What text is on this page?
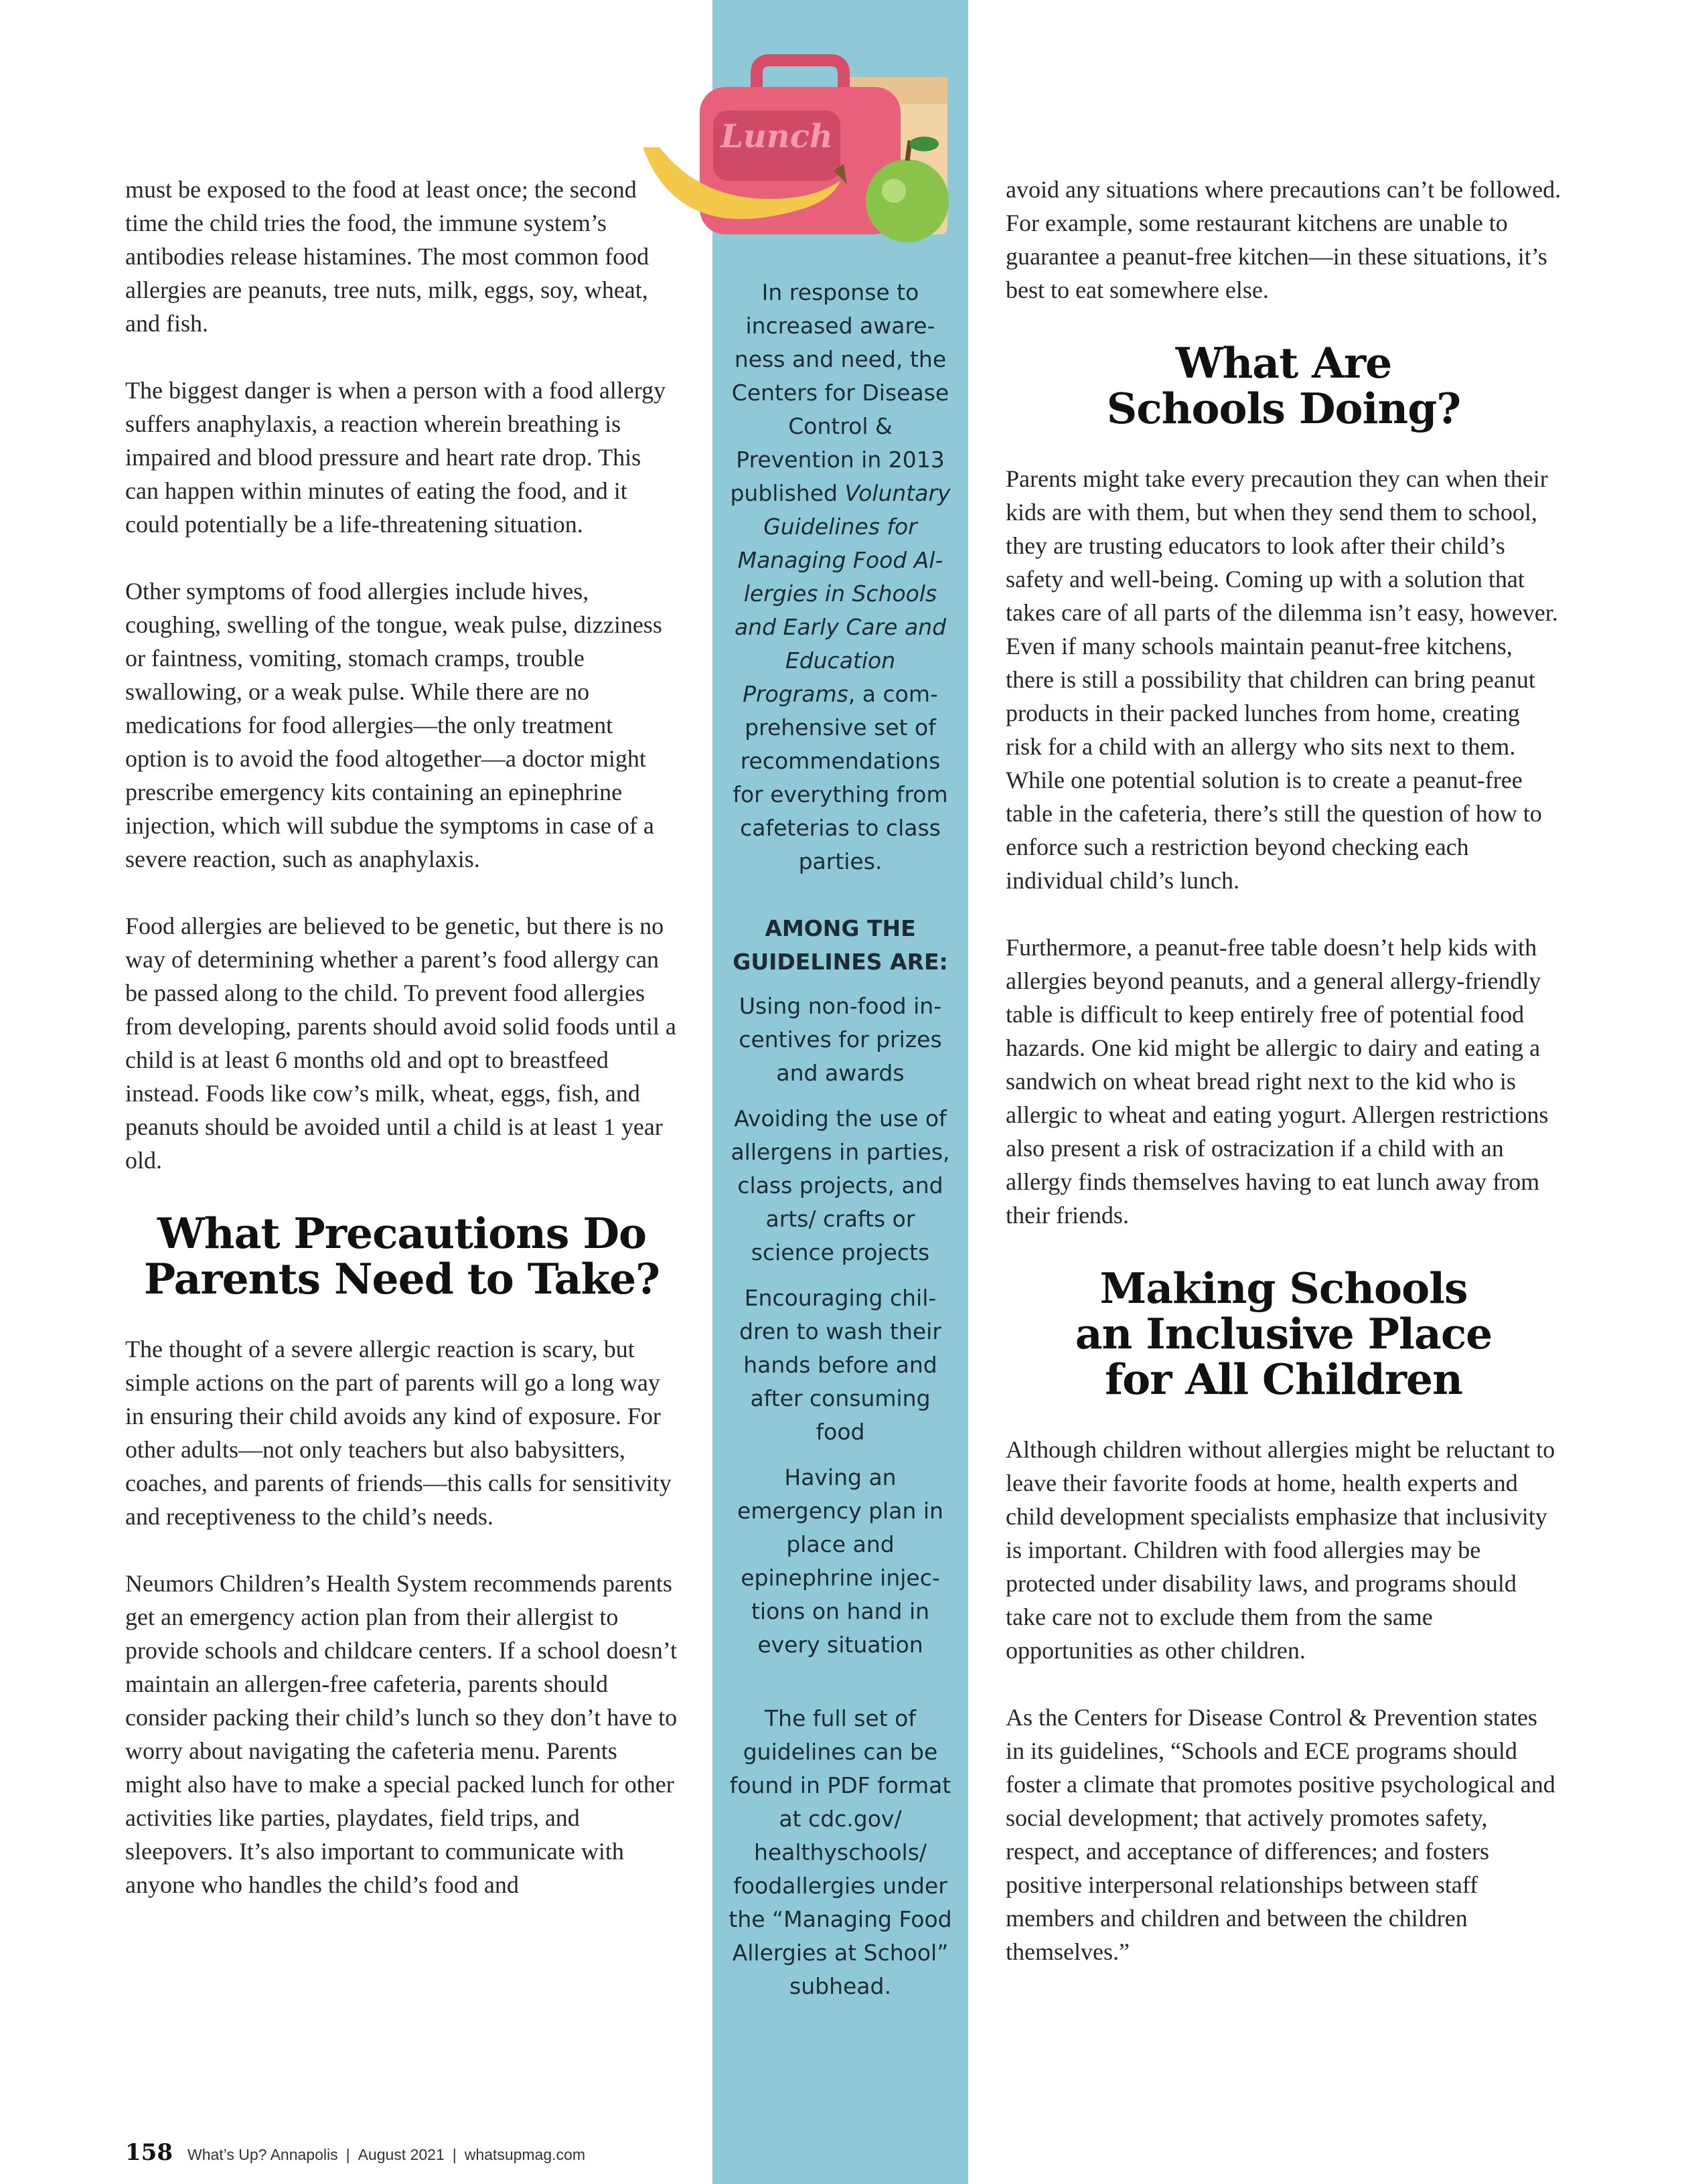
Lunch

must be exposed to the food at least once; the second time the child tries the food, the immune system’s antibodies release histamines. The most common food allergies are peanuts, tree nuts, milk, eggs, soy, wheat, and fish.

The biggest danger is when a person with a food allergy suffers anaphylaxis, a reaction wherein breathing is impaired and blood pressure and heart rate drop. This can happen within minutes of eating the food, and it could potentially be a life-threatening situation.

Other symptoms of food allergies include hives, coughing, swelling of the tongue, weak pulse, dizziness or faintness, vomiting, stomach cramps, trouble swallowing, or a weak pulse. While there are no medications for food allergies—the only treatment option is to avoid the food altogether—a doctor might prescribe emergency kits containing an epinephrine injection, which will subdue the symptoms in case of a severe reaction, such as anaphylaxis.

Food allergies are believed to be genetic, but there is no way of determining whether a parent’s food allergy can be passed along to the child. To prevent food allergies from developing, parents should avoid solid foods until a child is at least 6 months old and opt to breastfeed instead. Foods like cow’s milk, wheat, eggs, fish, and peanuts should be avoided until a child is at least 1 year old.

What Precautions Do
Parents Need to Take?

The thought of a severe allergic reaction is scary, but simple actions on the part of parents will go a long way in ensuring their child avoids any kind of exposure. For other adults—not only teachers but also babysitters, coaches, and parents of friends—this calls for sensitivity and receptiveness to the child’s needs.

Neumors Children’s Health System recommends parents get an emergency action plan from their allergist to provide schools and childcare centers. If a school doesn’t maintain an allergen-free cafeteria, parents should consider packing their child’s lunch so they don’t have to worry about navigating the cafeteria menu. Parents might also have to make a special packed lunch for other activities like parties, playdates, field trips, and sleepovers. It’s also important to communicate with anyone who handles the child’s food and

In response to increased awareness and need, the Centers for Disease Control & Prevention in 2013 published Voluntary Guidelines for Managing Food Allergies in Schools and Early Care and Education Programs, a comprehensive set of recommendations for everything from cafeterias to class parties.

AMONG THE GUIDELINES ARE:

Using non-food incentives for prizes and awards

Avoiding the use of allergens in parties, class projects, and arts/ crafts or science projects

Encouraging children to wash their hands before and after consuming food

Having an emergency plan in place and epinephrine injections on hand in every situation

The full set of guidelines can be found in PDF format at cdc.gov/ healthyschools/ foodallergies under the “Managing Food Allergies at School” subhead.

avoid any situations where precautions can’t be followed. For example, some restaurant kitchens are unable to guarantee a peanut-free kitchen—in these situations, it’s best to eat somewhere else.

What Are
Schools Doing?

Parents might take every precaution they can when their kids are with them, but when they send them to school, they are trusting educators to look after their child’s safety and well-being. Coming up with a solution that takes care of all parts of the dilemma isn’t easy, however. Even if many schools maintain peanut-free kitchens, there is still a possibility that children can bring peanut products in their packed lunches from home, creating risk for a child with an allergy who sits next to them. While one potential solution is to create a peanut-free table in the cafeteria, there’s still the question of how to enforce such a restriction beyond checking each individual child’s lunch.

Furthermore, a peanut-free table doesn’t help kids with allergies beyond peanuts, and a general allergy-friendly table is difficult to keep entirely free of potential food hazards. One kid might be allergic to dairy and eating a sandwich on wheat bread right next to the kid who is allergic to wheat and eating yogurt. Allergen restrictions also present a risk of ostracization if a child with an allergy finds themselves having to eat lunch away from their friends.

Making Schools
an Inclusive Place
for All Children

Although children without allergies might be reluctant to leave their favorite foods at home, health experts and child development specialists emphasize that inclusivity is important. Children with food allergies may be protected under disability laws, and programs should take care not to exclude them from the same opportunities as other children.

As the Centers for Disease Control & Prevention states in its guidelines, “Schools and ECE programs should foster a climate that promotes positive psychological and social development; that actively promotes safety, respect, and acceptance of differences; and fosters positive interpersonal relationships between staff members and children and between the children themselves.”

158 What’s Up? Annapolis | August 2021 | whatsupmag.com
